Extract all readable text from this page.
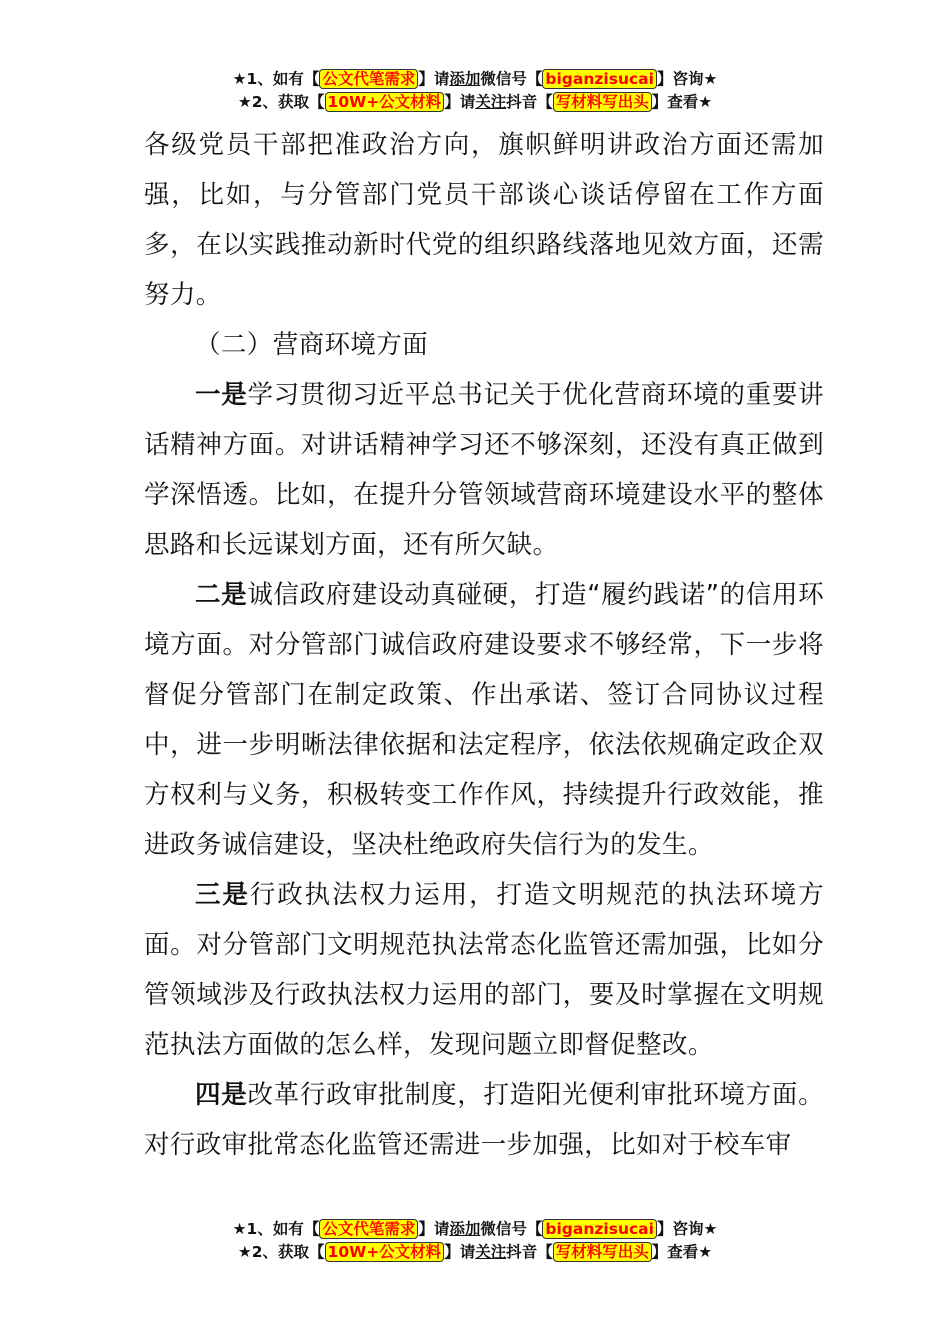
★1、如有【 公文代笔需求 】请添加微信号【 biganzisucai 】咨询★
★2、获取【 10W+公文材料 】请关注抖音【 写材料写出头 】查看★

各级党员干部把准政治方向，旗帜鲜明讲政治方面还需加强，比如，与分管部门党员干部谈心谈话停留在工作方面多，在以实践推动新时代党的组织路线落地见效方面，还需努力。

（二）营商环境方面

一是学习贯彻习近平总书记关于优化营商环境的重要讲话精神方面。对讲话精神学习还不够深刻，还没有真正做到学深悟透。比如，在提升分管领域营商环境建设水平的整体思路和长远谋划方面，还有所欠缺。

二是诚信政府建设动真碰硬，打造“履约践诺”的信用环境方面。对分管部门诚信政府建设要求不够经常，下一步将督促分管部门在制定政策、作出承诺、签订合同协议过程中，进一步明晰法律依据和法定程序，依法依规确定政企双方权利与义务，积极转变工作作风，持续提升行政效能，推进政务诚信建设，坚决杜绝政府失信行为的发生。

三是行政执法权力运用，打造文明规范的执法环境方面。对分管部门文明规范执法常态化监管还需加强，比如分管领域涉及行政执法权力运用的部门，要及时掌握在文明规范执法方面做的怎么样，发现问题立即督促整改。

四是改革行政审批制度，打造阳光便利审批环境方面。对行政审批常态化监管还需进一步加强，比如对于校车审

★1、如有【 公文代笔需求 】请添加微信号【 biganzisucai 】咨询★
★2、获取【 10W+公文材料 】请关注抖音【 写材料写出头 】查看★
